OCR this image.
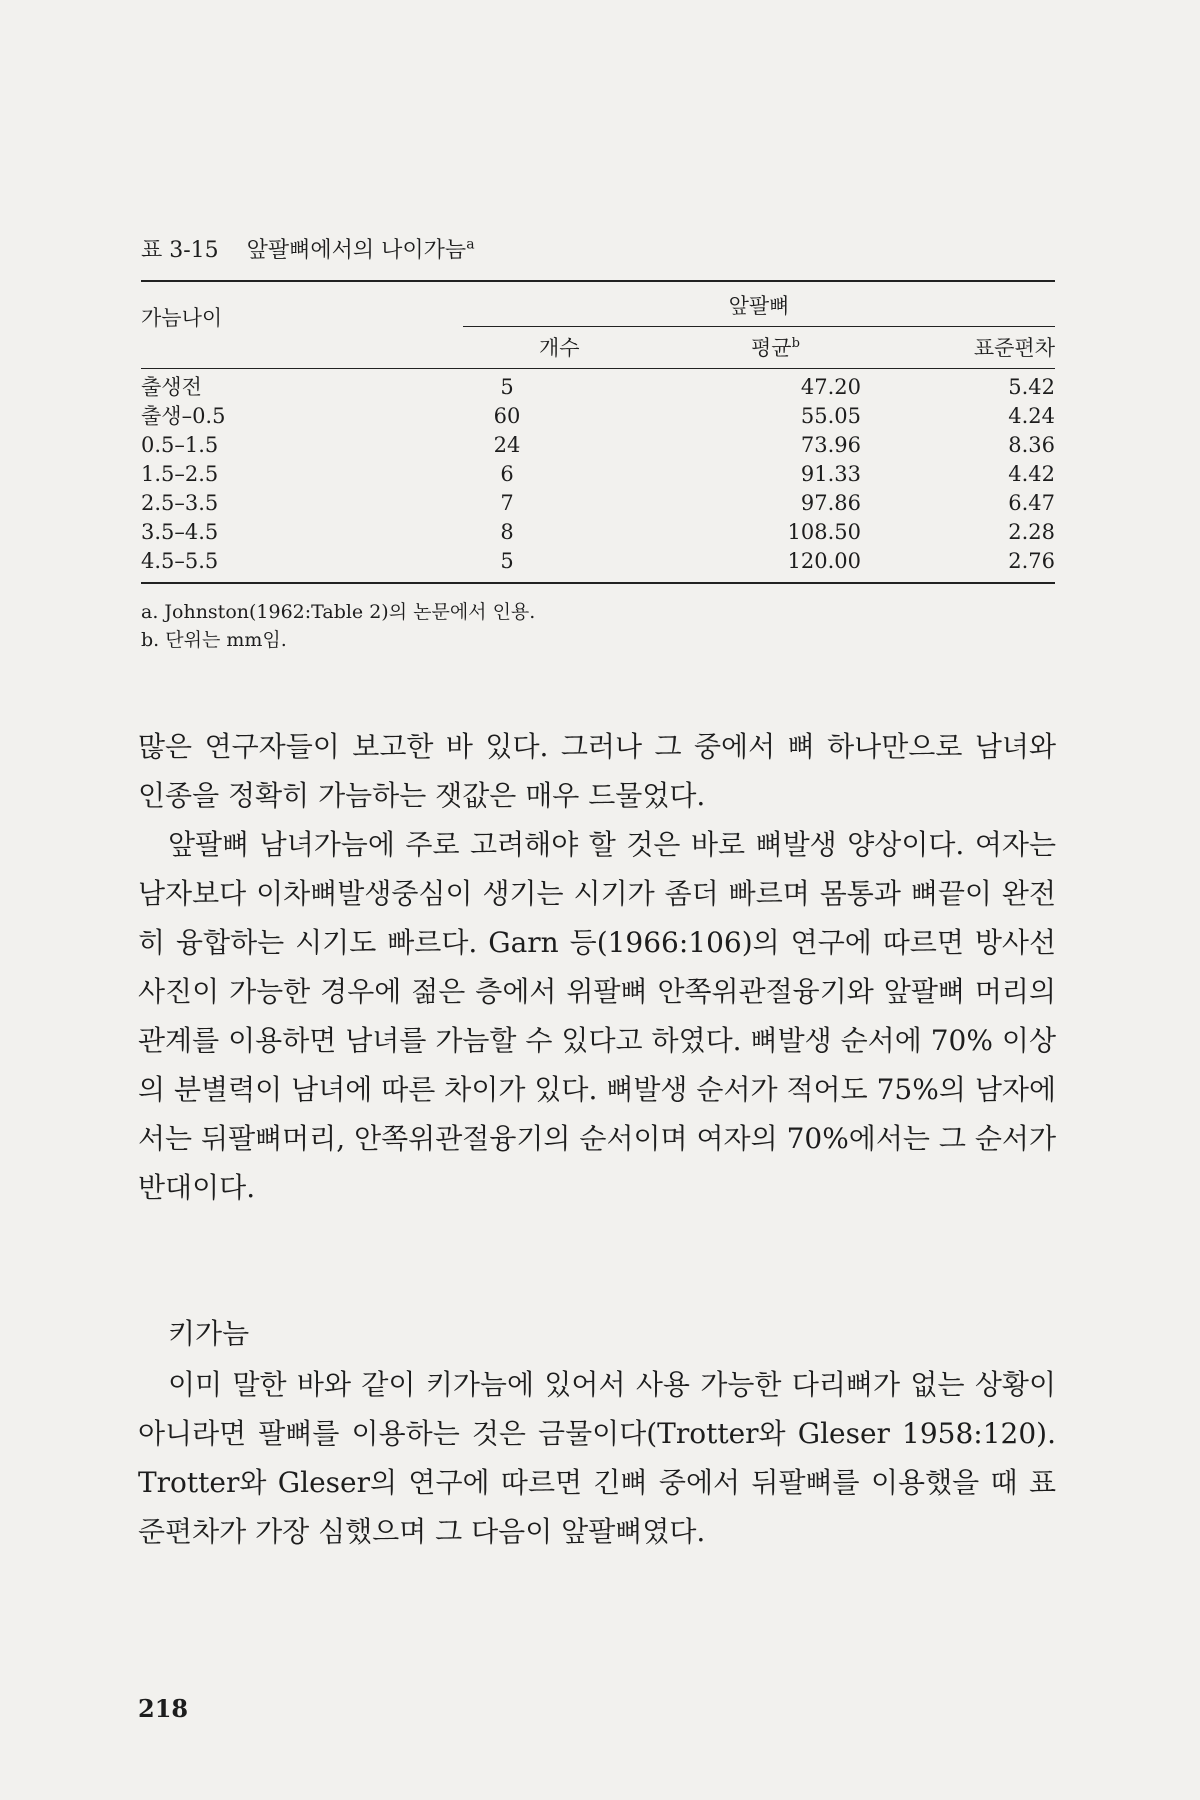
표 3-15 앞팔뼈에서의 나이가늠$^a$
가늠나이	앞팔뼈
개수	평균$^b$	표준편차
출생전	5	47.20	5.42
출생–0.5	60	55.05	4.24
0.5–1.5	24	73.96	8.36
1.5–2.5	6	91.33	4.42
2.5–3.5	7	97.86	6.47
3.5–4.5	8	108.50	2.28
4.5–5.5	5	120.00	2.76
a. Johnston(1962:Table 2)의 논문에서 인용.
b. 단위는 mm임.

많은 연구자들이 보고한 바 있다. 그러나 그 중에서 뼈 하나만으로 남녀와 인종을 정확히 가늠하는 잿값은 매우 드물었다.

앞팔뼈 남녀가늠에 주로 고려해야 할 것은 바로 뼈발생 양상이다. 여자는 남자보다 이차뼈발생중심이 생기는 시기가 좀더 빠르며 몸통과 뼈끝이 완전히 융합하는 시기도 빠르다. Garn 등(1966:106)의 연구에 따르면 방사선 사진이 가능한 경우에 젊은 층에서 위팔뼈 안쪽위관절융기와 앞팔뼈 머리의 관계를 이용하면 남녀를 가늠할 수 있다고 하였다. 뼈발생 순서에 70% 이상의 분별력이 남녀에 따른 차이가 있다. 뼈발생 순서가 적어도 75%의 남자에서는 뒤팔뼈머리, 안쪽위관절융기의 순서이며 여자의 70%에서는 그 순서가 반대이다.

키가늠

이미 말한 바와 같이 키가늠에 있어서 사용 가능한 다리뼈가 없는 상황이 아니라면 팔뼈를 이용하는 것은 금물이다(Trotter와 Gleser 1958:120). Trotter와 Gleser의 연구에 따르면 긴뼈 중에서 뒤팔뼈를 이용했을 때 표준편차가 가장 심했으며 그 다음이 앞팔뼈였다.

218
